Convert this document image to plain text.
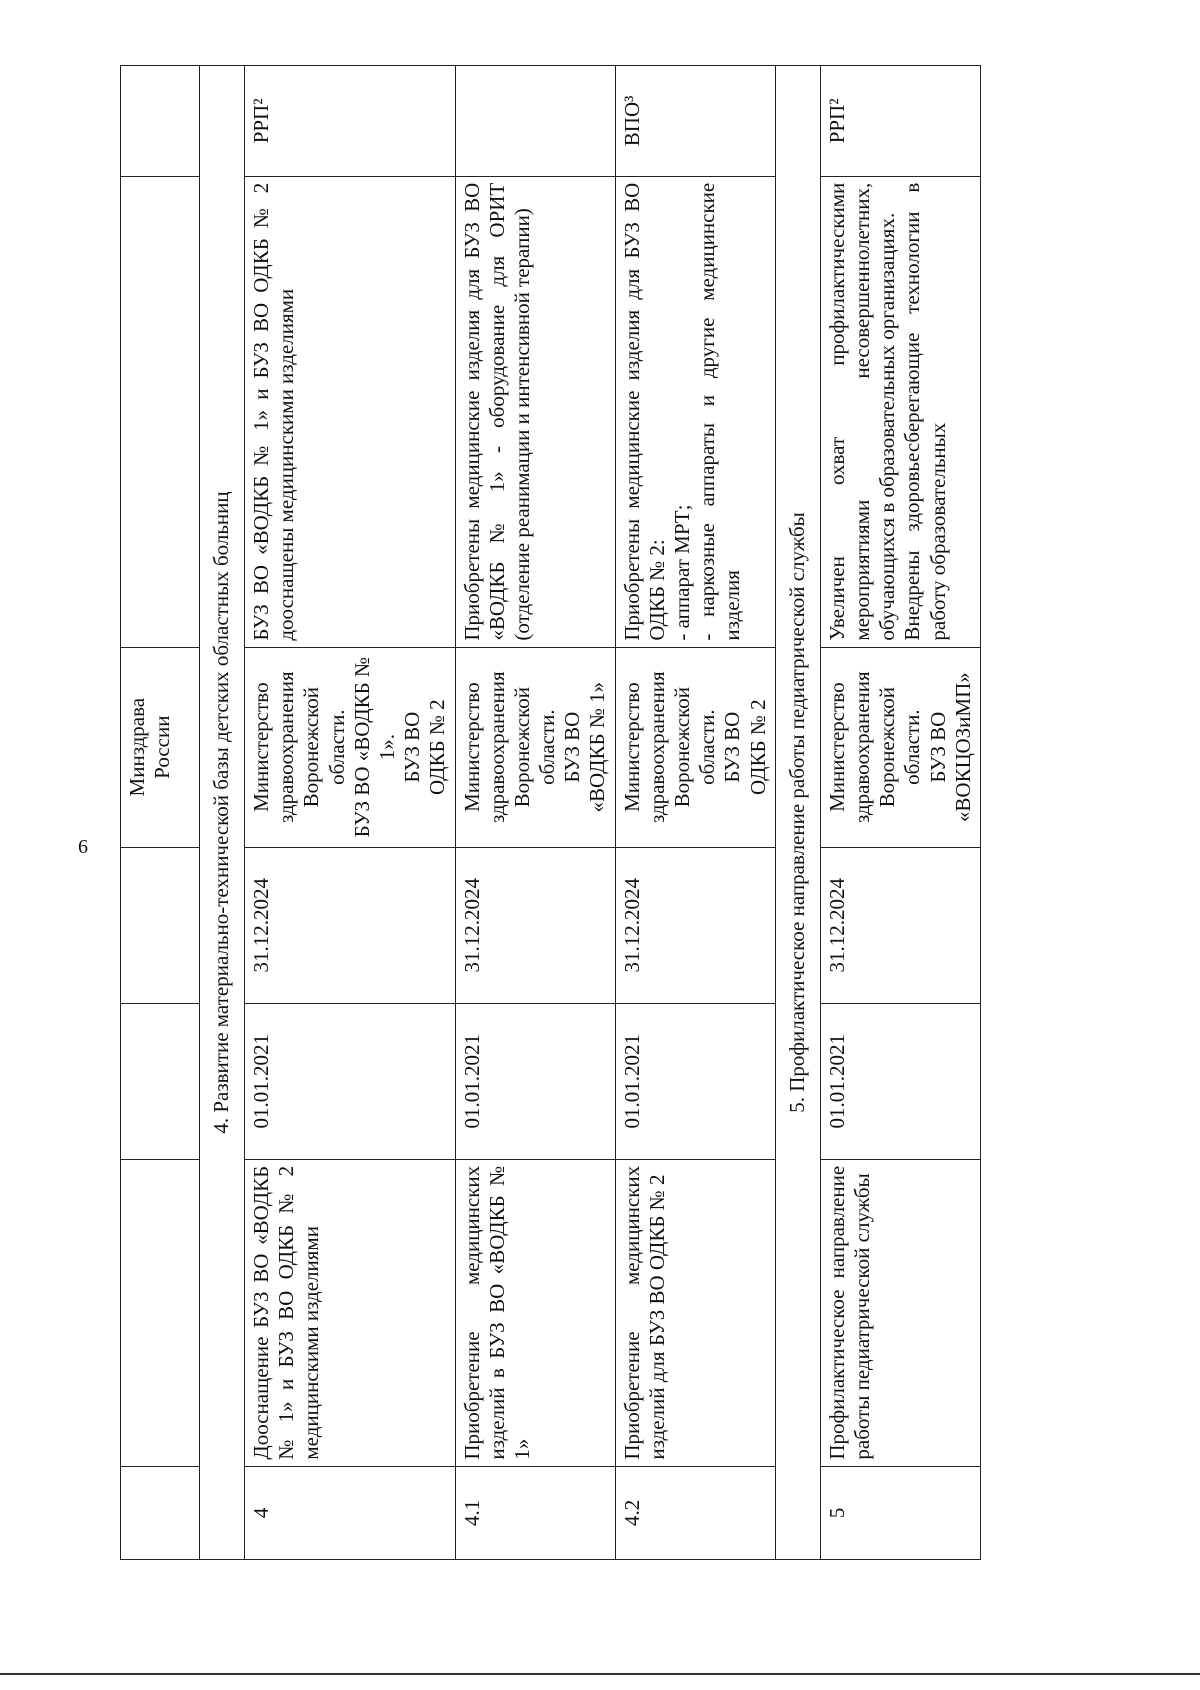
6
				Минздрава
России		
4. Развитие материально-технической базы детских областных больниц						
4	Дооснащение БУЗ ВО «ВОДКБ № 1» и БУЗ ВО ОДКБ № 2 медицинскими изделиями	01.01.2021	31.12.2024	Министерство здравоохранения Воронежской области.
БУЗ ВО «ВОДКБ № 1».
БУЗ ВО
ОДКБ № 2	БУЗ ВО «ВОДКБ № 1» и БУЗ ВО ОДКБ № 2 дооснащены медицинскими изделиями	РРП²
4.1	Приобретение медицинских изделий в БУЗ ВО «ВОДКБ № 1»	01.01.2021	31.12.2024	Министерство здравоохранения Воронежской области.
БУЗ ВО
«ВОДКБ № 1»	Приобретены медицинские изделия для БУЗ ВО «ВОДКБ № 1» - оборудование для ОРИТ (отделение реанимации и интенсивной терапии)	
4.2	Приобретение медицинских изделий для БУЗ ВО ОДКБ № 2	01.01.2021	31.12.2024	Министерство здравоохранения Воронежской области.
БУЗ ВО
ОДКБ № 2	Приобретены медицинские изделия для БУЗ ВО ОДКБ № 2:
- аппарат МРТ;
- наркозные аппараты и другие медицинские изделия	ВПО³
5. Профилактическое направление работы педиатрической службы						
5	Профилактическое направление работы педиатрической службы	01.01.2021	31.12.2024	Министерство здравоохранения Воронежской области.
БУЗ ВО
«ВОКЦОЗиМП»	Увеличен охват профилактическими мероприятиями несовершеннолетних, обучающихся в образовательных организациях.
Внедрены здоровьесберегающие технологии в работу образовательных	РРП²
